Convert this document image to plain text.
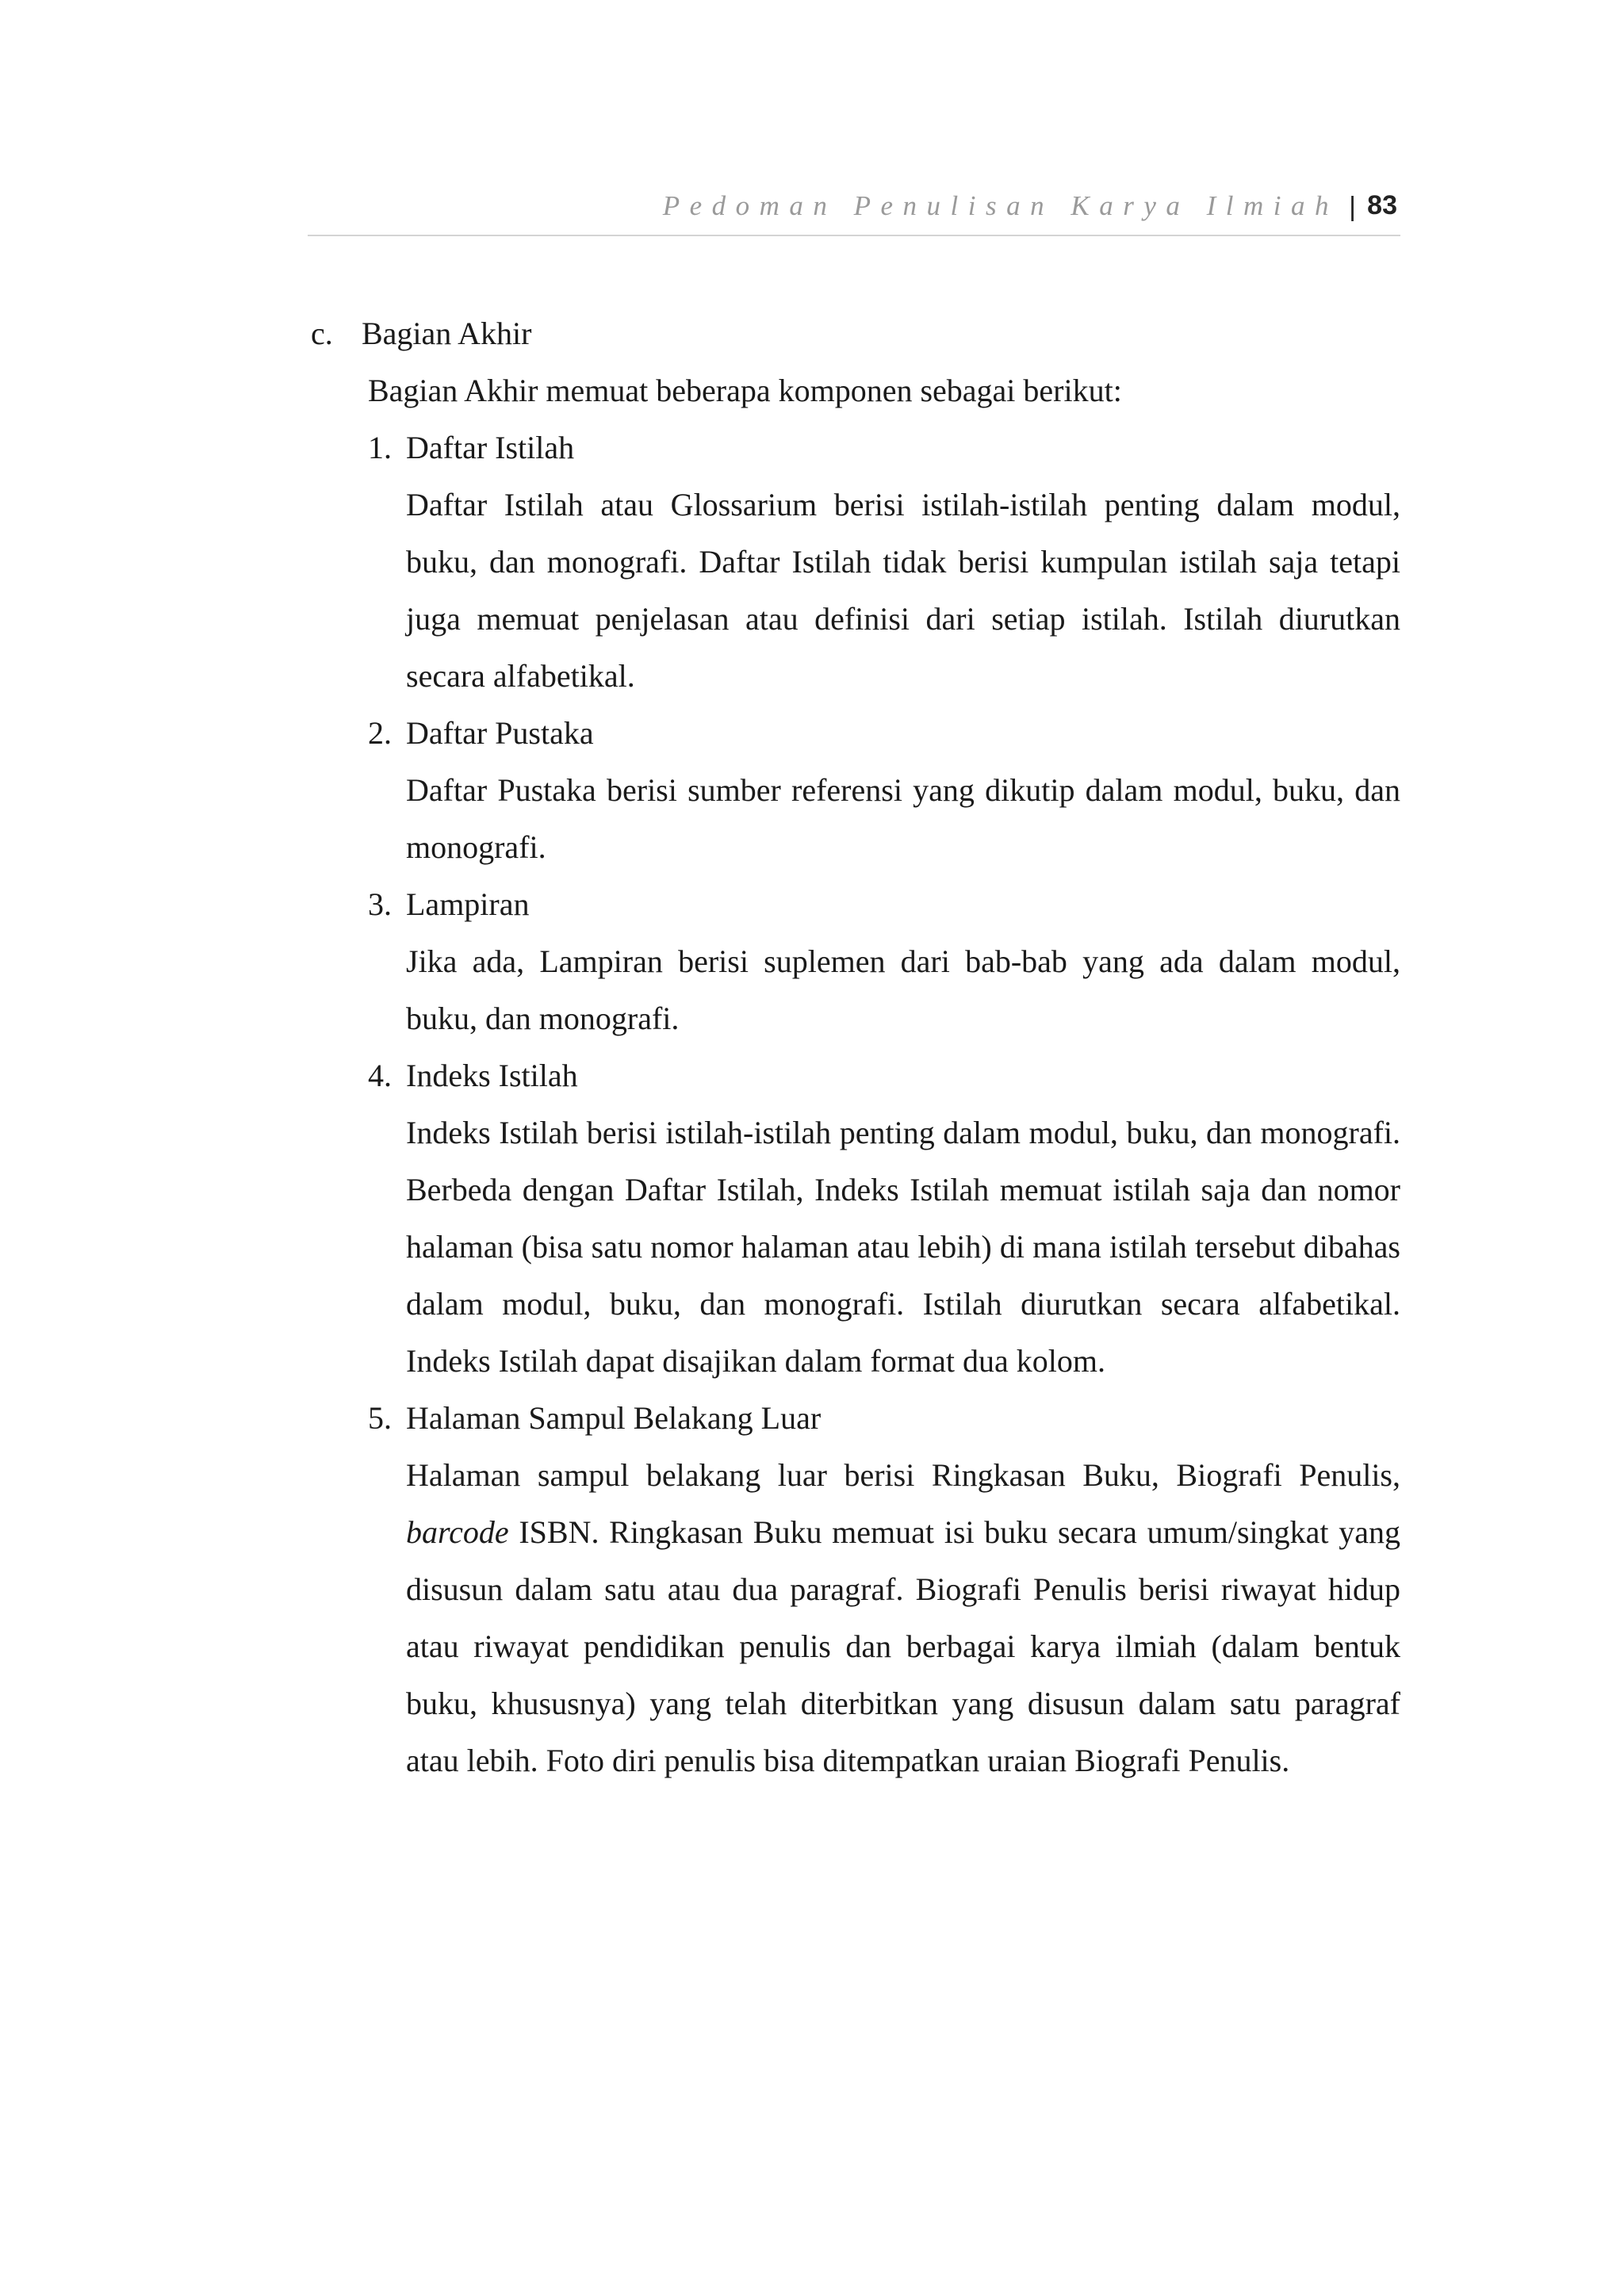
Pedoman Penulisan Karya Ilmiah | 83
c. Bagian Akhir
Bagian Akhir memuat beberapa komponen sebagai berikut:
1. Daftar Istilah
Daftar Istilah atau Glossarium berisi istilah-istilah penting dalam modul, buku, dan monografi. Daftar Istilah tidak berisi kumpulan istilah saja tetapi juga memuat penjelasan atau definisi dari setiap istilah. Istilah diurutkan secara alfabetikal.
2. Daftar Pustaka
Daftar Pustaka berisi sumber referensi yang dikutip dalam modul, buku, dan monografi.
3. Lampiran
Jika ada, Lampiran berisi suplemen dari bab-bab yang ada dalam modul, buku, dan monografi.
4. Indeks Istilah
Indeks Istilah berisi istilah-istilah penting dalam modul, buku, dan monografi. Berbeda dengan Daftar Istilah, Indeks Istilah memuat istilah saja dan nomor halaman (bisa satu nomor halaman atau lebih) di mana istilah tersebut dibahas dalam modul, buku, dan monografi. Istilah diurutkan secara alfabetikal. Indeks Istilah dapat disajikan dalam format dua kolom.
5. Halaman Sampul Belakang Luar
Halaman sampul belakang luar berisi Ringkasan Buku, Biografi Penulis, barcode ISBN. Ringkasan Buku memuat isi buku secara umum/singkat yang disusun dalam satu atau dua paragraf. Biografi Penulis berisi riwayat hidup atau riwayat pendidikan penulis dan berbagai karya ilmiah (dalam bentuk buku, khususnya) yang telah diterbitkan yang disusun dalam satu paragraf atau lebih. Foto diri penulis bisa ditempatkan uraian Biografi Penulis.
